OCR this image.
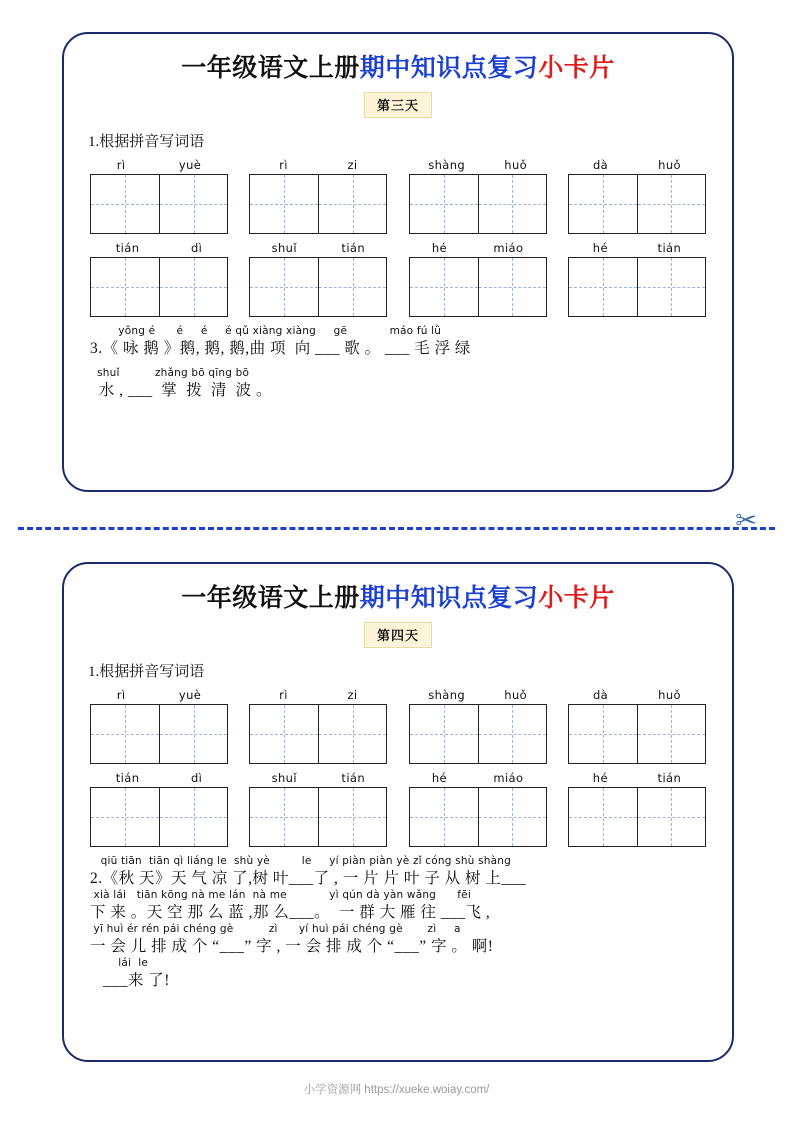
一年级语文上册期中知识点复习小卡片
第三天
1.根据拼音写词语
rì	yuè	rì	zi	shàng	huǒ	dà	huǒ
tián	dì	shuǐ	tián	hé	miáo	hé	tián
yǒng é      é     é     é qǔ xiàng xiàng     gē            máo fú lǜ
3.《 咏 鹅 》鹅, 鹅, 鹅,曲 项  向 ___ 歌 。 ___ 毛 浮 绿
shuǐ          zhǎng bō qīng bō
水 , ___  掌  拨  清  波 。
✂
一年级语文上册期中知识点复习小卡片
第四天
1.根据拼音写词语
rì	yuè	rì	zi	shàng	huǒ	dà	huǒ
tián	dì	shuǐ	tián	hé	miáo	hé	tián
qiū tiān  tiān qì liáng le  shù yè         le     yí piàn piàn yè zǐ cóng shù shàng
2.《秋 天》天 气 凉 了,树 叶___了 , 一 片 片 叶 子 从 树 上___
xià lái   tiān kōng nà me lán  nà me            yì qún dà yàn wǎng      fēi
下 来 。天 空 那 么 蓝 ,那 么___。  一 群 大 雁 往 ___飞 ,
yī huì ér rén pái chéng gè          zì      yí huì pái chéng gè       zì     a
一 会 儿 排 成 个 “___” 字 , 一 会 排 成 个 “___” 字 。 啊!
lái  le
___来 了!
小学资源网 https://xueke.woiay.com/
